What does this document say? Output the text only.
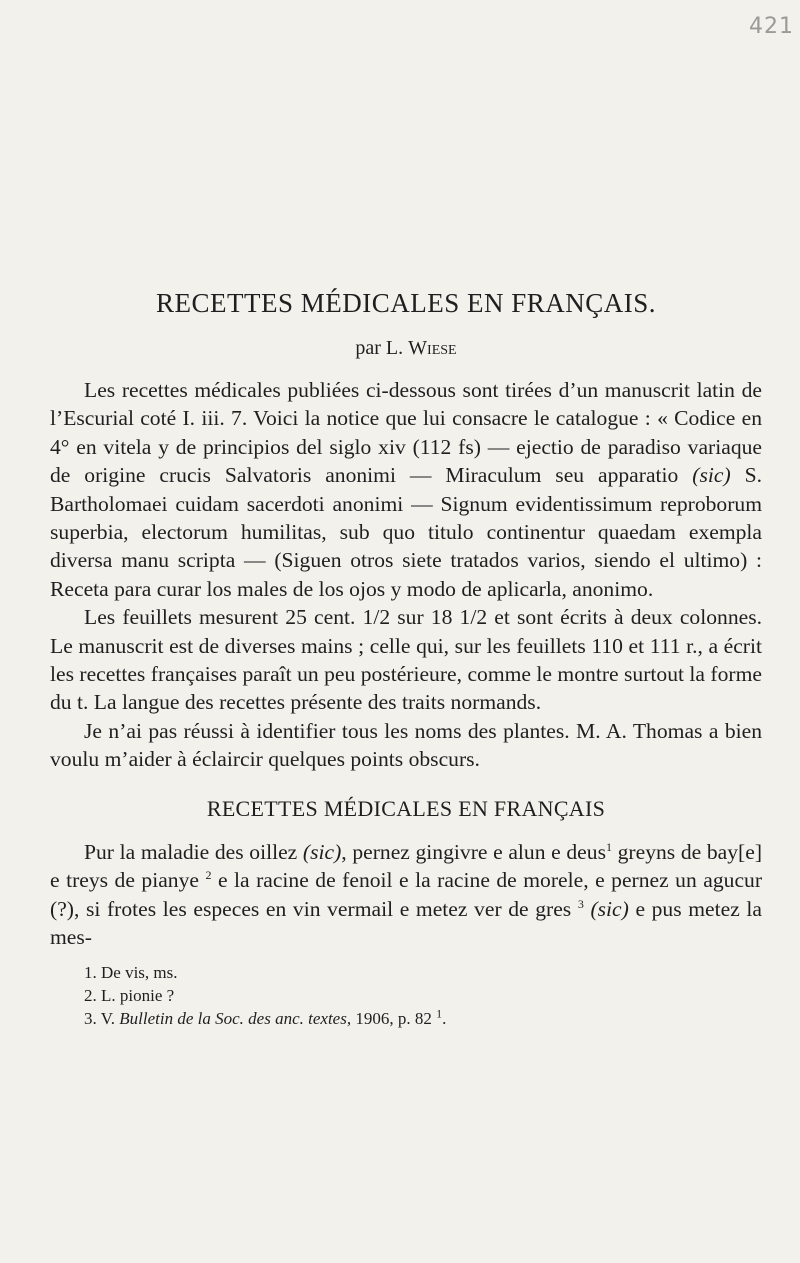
421
RECETTES MÉDICALES EN FRANÇAIS.
par L. Wiese

Les recettes médicales publiées ci-dessous sont tirées d’un manuscrit latin de l’Escurial coté I. iii. 7. Voici la notice que lui consacre le catalogue : « Codice en 4° en vitela y de principios del siglo xiv (112 fs) — ejectio de paradiso variaque de origine crucis Salvatoris anonimi — Miraculum seu apparatio (sic) S. Bartholomaei cuidam sacerdoti anonimi — Signum evidentissimum reproborum superbia, electorum humilitas, sub quo titulo continentur quaedam exempla diversa manu scripta — (Siguen otros siete tratados varios, siendo el ultimo) : Receta para curar los males de los ojos y modo de aplicarla, anonimo.

Les feuillets mesurent 25 cent. 1/2 sur 18 1/2 et sont écrits à deux colonnes. Le manuscrit est de diverses mains ; celle qui, sur les feuillets 110 et 111 r., a écrit les recettes françaises paraît un peu postérieure, comme le montre surtout la forme du t. La langue des recettes présente des traits normands.

Je n’ai pas réussi à identifier tous les noms des plantes. M. A. Thomas a bien voulu m’aider à éclaircir quelques points obscurs.

RECETTES MÉDICALES EN FRANÇAIS

Pur la maladie des oillez (sic), pernez gingivre e alun e deus$^1$ greyns de bay[e] e treys de pianye $^2$ e la racine de fenoil e la racine de morele, e pernez un agucur (?), si frotes les especes en vin vermail e metez ver de gres $^3$ (sic) e pus metez la mes-

1. De vis, ms.
2. L. pionie ?
3. V. Bulletin de la Soc. des anc. textes, 1906, p. 82 $^1$.
